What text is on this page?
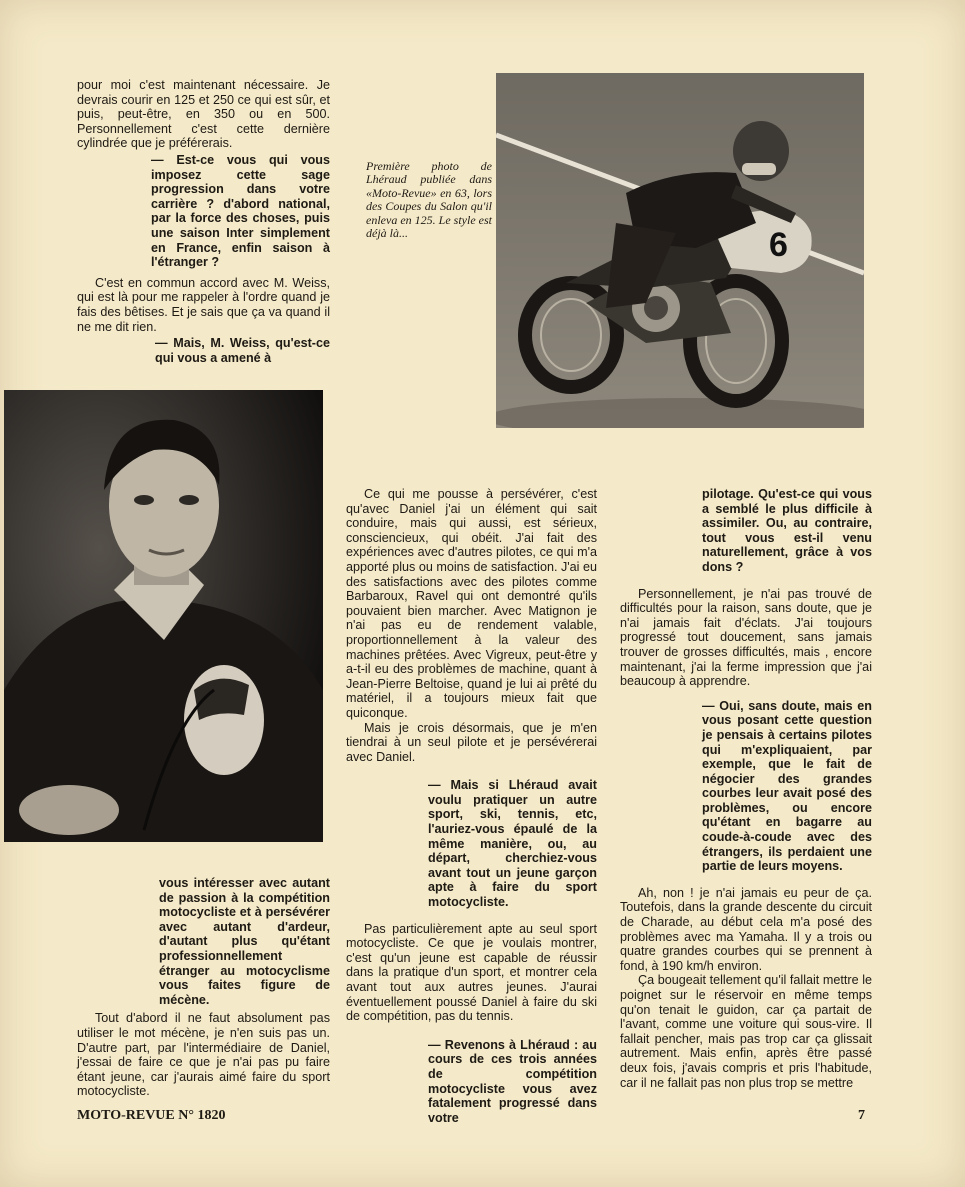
pour moi c'est maintenant nécessaire. Je devrais courir en 125 et 250 ce qui est sûr, et puis, peut-être, en 350 ou en 500. Personnellement c'est cette dernière cylindrée que je préférerais.

— Est-ce vous qui vous imposez cette sage progression dans votre carrière ? d'abord national, par la force des choses, puis une saison Inter simplement en France, enfin saison à l'étranger ?

C'est en commun accord avec M. Weiss, qui est là pour me rappeler à l'ordre quand je fais des bêtises. Et je sais que ça va quand il ne me dit rien.

— Mais, M. Weiss, qu'est-ce qui vous a amené à

Première photo de Lhéraud publiée dans «Moto-Revue» en 63, lors des Coupes du Salon qu'il enleva en 125. Le style est déjà là...	6

vous intéresser avec autant de passion à la compétition motocycliste et à persévérer avec autant d'ardeur, d'autant plus qu'étant professionnellement étranger au motocyclisme vous faites figure de mécène.

Tout d'abord il ne faut absolument pas utiliser le mot mécène, je n'en suis pas un. D'autre part, par l'intermédiaire de Daniel, j'essai de faire ce que je n'ai pas pu faire étant jeune, car j'aurais aimé faire du sport motocycliste.

Ce qui me pousse à persévérer, c'est qu'avec Daniel j'ai un élément qui sait conduire, mais qui aussi, est sérieux, consciencieux, qui obéit. J'ai fait des expériences avec d'autres pilotes, ce qui m'a apporté plus ou moins de satisfaction. J'ai eu des satisfactions avec des pilotes comme Barbaroux, Ravel qui ont demontré qu'ils pouvaient bien marcher. Avec Matignon je n'ai pas eu de rendement valable, proportionnellement à la valeur des machines prêtées. Avec Vigreux, peut-être y a-t-il eu des problèmes de machine, quant à Jean-Pierre Beltoise, quand je lui ai prêté du matériel, il a toujours mieux fait que quiconque.

Mais je crois désormais, que je m'en tiendrai à un seul pilote et je persévérerai avec Daniel.

— Mais si Lhéraud avait voulu pratiquer un autre sport, ski, tennis, etc, l'auriez-vous épaulé de la même manière, ou, au départ, cherchiez-vous avant tout un jeune garçon apte à faire du sport motocycliste.

Pas particulièrement apte au seul sport motocycliste. Ce que je voulais montrer, c'est qu'un jeune est capable de réussir dans la pratique d'un sport, et montrer cela avant tout aux autres jeunes. J'aurai éventuellement poussé Daniel à faire du ski de compétition, pas du tennis.

— Revenons à Lhéraud : au cours de ces trois années de compétition motocycliste vous avez fatalement progressé dans votre

pilotage. Qu'est-ce qui vous a semblé le plus difficile à assimiler. Ou, au contraire, tout vous est-il venu naturellement, grâce à vos dons ?

Personnellement, je n'ai pas trouvé de difficultés pour la raison, sans doute, que je n'ai jamais fait d'éclats. J'ai toujours progressé tout doucement, sans jamais trouver de grosses difficultés, mais , encore maintenant, j'ai la ferme impression que j'ai beaucoup à apprendre.

— Oui, sans doute, mais en vous posant cette question je pensais à certains pilotes qui m'expliquaient, par exemple, que le fait de négocier des grandes courbes leur avait posé des problèmes, ou encore qu'étant en bagarre au coude-à-coude avec des étrangers, ils perdaient une partie de leurs moyens.

Ah, non ! je n'ai jamais eu peur de ça. Toutefois, dans la grande descente du circuit de Charade, au début cela m'a posé des problèmes avec ma Yamaha. Il y a trois ou quatre grandes courbes qui se prennent à fond, à 190 km/h environ.

Ça bougeait tellement qu'il fallait mettre le poignet sur le réservoir en même temps qu'on tenait le guidon, car ça partait de l'avant, comme une voiture qui sous-vire. Il fallait pencher, mais pas trop car ça glissait autrement. Mais enfin, après être passé deux fois, j'avais compris et pris l'habitude, car il ne fallait pas non plus trop se mettre

MOTO-REVUE N° 1820	7
